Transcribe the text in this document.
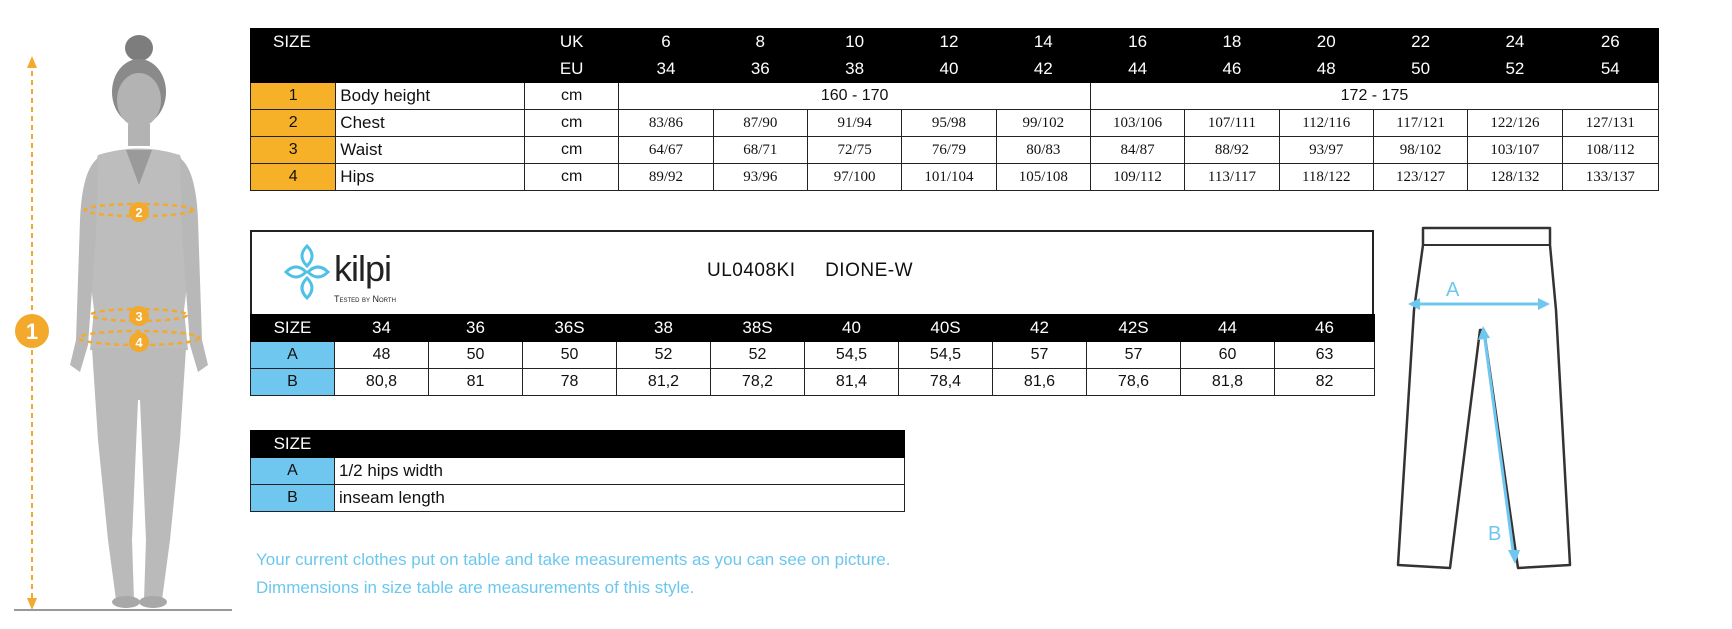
1
2
3
4
SIZE		UK	6	8	10	12	14	16	18	20	22	24	26
		EU	34	36	38	40	42	44	46	48	50	52	54
1	Body height	cm	160 - 170					172 - 175					
2	Chest	cm	83/86	87/90	91/94	95/98	99/102	103/106	107/111	112/116	117/121	122/126	127/131
3	Waist	cm	64/67	68/71	72/75	76/79	80/83	84/87	88/92	93/97	98/102	103/107	108/112
4	Hips	cm	89/92	93/96	97/100	101/104	105/108	109/112	113/117	118/122	123/127	128/132	133/137
kilpi
Tested by North
UL0408KI DIONE-W
SIZE	34	36	36S	38	38S	40	40S	42	42S	44	46
A	48	50	50	52	52	54,5	54,5	57	57	60	63
B	80,8	81	78	81,2	78,2	81,4	78,4	81,6	78,6	81,8	82
SIZE	
A	1/2 hips width
B	inseam length
Your current clothes put on table and take measurements as you can see on picture.
Dimmensions in size table are measurements of this style.
A
B
